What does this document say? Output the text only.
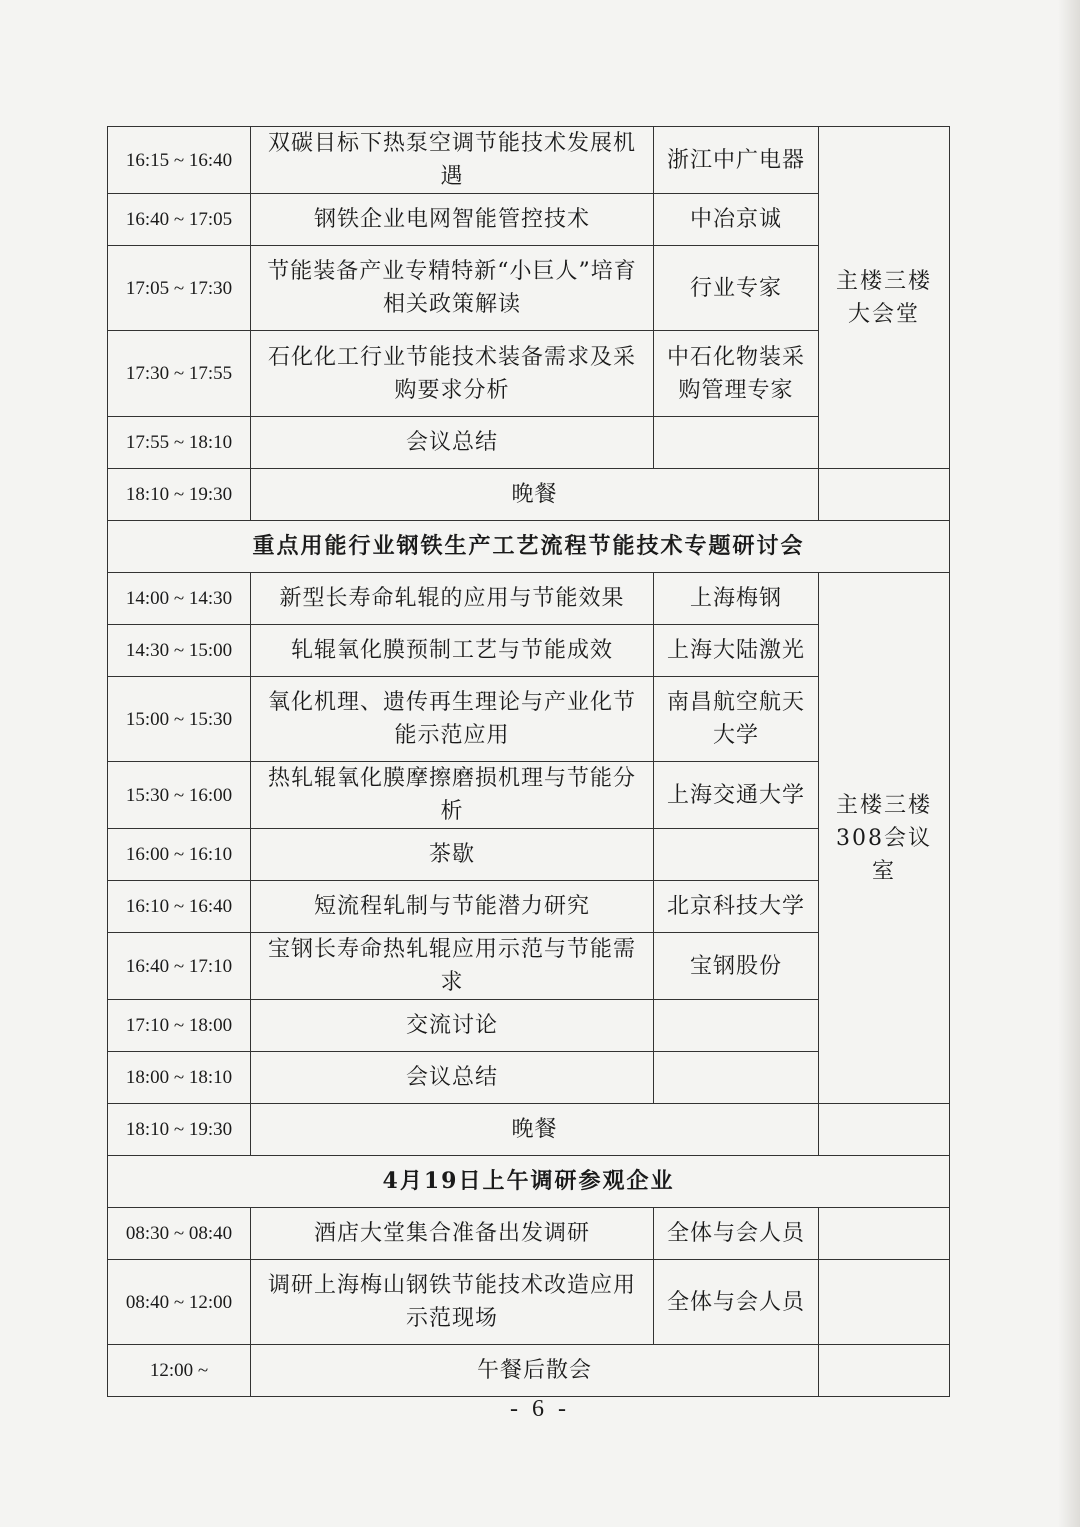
16:15 ~ 16:40	双碳目标下热泵空调节能技术发展机遇	浙江中广电器	主楼三楼大会堂
16:40 ~ 17:05	钢铁企业电网智能管控技术	中冶京诚	
17:05 ~ 17:30	节能装备产业专精特新“小巨人”培育相关政策解读	行业专家	
17:30 ~ 17:55	石化化工行业节能技术装备需求及采购要求分析	中石化物装采购管理专家	
17:55 ~ 18:10	会议总结		
18:10 ~ 19:30	晚餐		
重点用能行业钢铁生产工艺流程节能技术专题研讨会			
14:00 ~ 14:30	新型长寿命轧辊的应用与节能效果	上海梅钢	主楼三楼308会议室
14:30 ~ 15:00	轧辊氧化膜预制工艺与节能成效	上海大陆激光	
15:00 ~ 15:30	氧化机理、遗传再生理论与产业化节能示范应用	南昌航空航天大学	
15:30 ~ 16:00	热轧辊氧化膜摩擦磨损机理与节能分析	上海交通大学	
16:00 ~ 16:10	茶歇		
16:10 ~ 16:40	短流程轧制与节能潜力研究	北京科技大学	
16:40 ~ 17:10	宝钢长寿命热轧辊应用示范与节能需求	宝钢股份	
17:10 ~ 18:00	交流讨论		
18:00 ~ 18:10	会议总结		
18:10 ~ 19:30	晚餐		
4月19日上午调研参观企业			
08:30 ~ 08:40	酒店大堂集合准备出发调研	全体与会人员	
08:40 ~ 12:00	调研上海梅山钢铁节能技术改造应用示范现场	全体与会人员	
12:00 ~	午餐后散会		
- 6 -
